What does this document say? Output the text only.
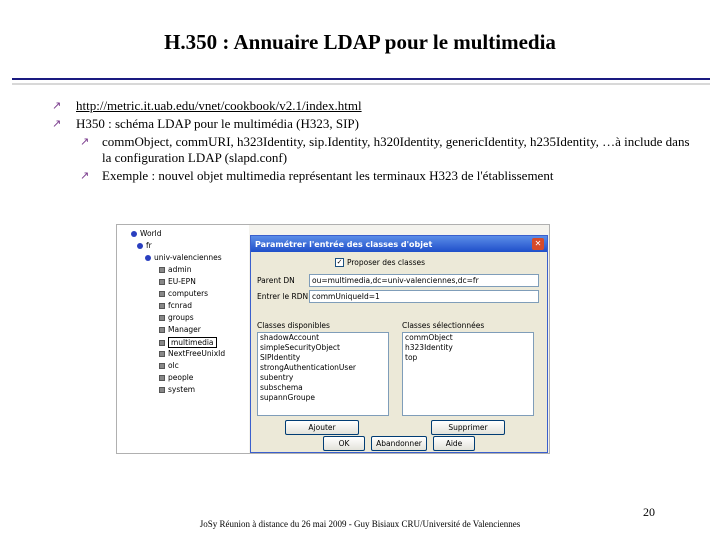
H.350 : Annuaire LDAP pour le multimedia
↗ http://metric.it.uab.edu/vnet/cookbook/v2.1/index.html
↗ H350 : schéma LDAP pour le multimédia (H323, SIP)
↗ commObject, commURI, h323Identity, sip.Identity, h320Identity, genericIdentity, h235Identity, …à include dans la configuration LDAP (slapd.conf)
↗ Exemple : nouvel objet multimedia représentant les terminaux H323 de l'établissement
World
fr
univ-valenciennes
admin
EU-EPN
computers
fcnrad
groups
Manager
multimedia
NextFreeUnixId
olc
people
system
Paramétrer l'entrée des classes d'objet	✕
✓ Proposer des classes
Parent DN	ou=multimedia,dc=univ-valenciennes,dc=fr
Entrer le RDN commUniqueId=1
Classes disponibles	Classes sélectionnées
shadowAccount
simpleSecurityObject
SIPIdentity
strongAuthenticationUser
subentry
subschema
supannGroupe
commObject
h323Identity
top
Ajouter	Supprimer
OK	Abandonner	Aide
20
JoSy Réunion à distance du 26 mai 2009 - Guy Bisiaux CRU/Université de Valenciennes
